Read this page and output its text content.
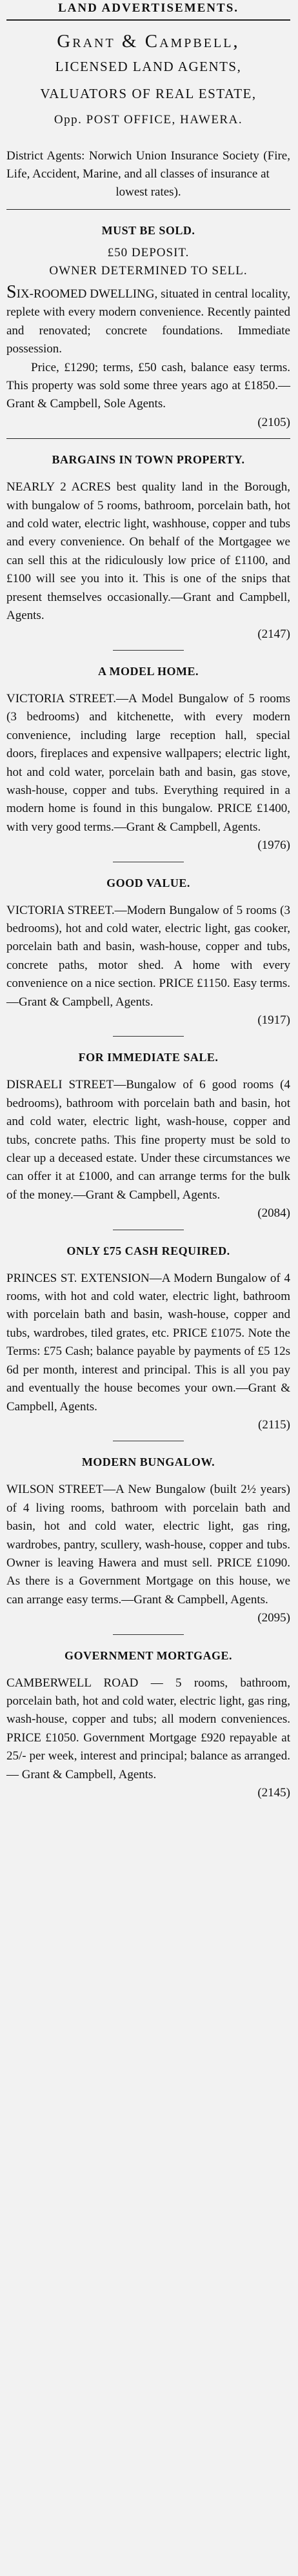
LAND ADVERTISEMENTS.
Grant & Campbell,
LICENSED LAND AGENTS,
VALUATORS OF REAL ESTATE,
Opp. POST OFFICE, HAWERA.
District Agents: Norwich Union Insurance Society (Fire, Life, Accident, Marine, and all classes of insurance at
lowest rates).
MUST BE SOLD.
£50 DEPOSIT.
OWNER DETERMINED TO SELL.

SIX-ROOMED DWELLING, situated in central locality, replete with every modern convenience. Recently painted and renovated; concrete foundations. Immediate possession.

Price, £1290; terms, £50 cash, balance easy terms. This property was sold some three years ago at £1850.—Grant & Campbell, Sole Agents.

(2105)
BARGAINS IN TOWN PROPERTY.

NEARLY 2 ACRES best quality land in the Borough, with bungalow of 5 rooms, bathroom, porcelain bath, hot and cold water, electric light, washhouse, copper and tubs and every convenience. On behalf of the Mortgagee we can sell this at the ridiculously low price of £1100, and £100 will see you into it. This is one of the snips that present themselves occasionally.—Grant and Campbell, Agents.

(2147)
A MODEL HOME.

VICTORIA STREET.—A Model Bungalow of 5 rooms (3 bedrooms) and kitchenette, with every modern convenience, including large reception hall, special doors, fireplaces and expensive wallpapers; electric light, hot and cold water, porcelain bath and basin, gas stove, wash-house, copper and tubs. Everything required in a modern home is found in this bungalow. PRICE £1400, with very good terms.—Grant & Campbell, Agents.

(1976)
GOOD VALUE.

VICTORIA STREET.—Modern Bungalow of 5 rooms (3 bedrooms), hot and cold water, electric light, gas cooker, porcelain bath and basin, wash-house, copper and tubs, concrete paths, motor shed. A home with every convenience on a nice section. PRICE £1150. Easy terms.—Grant & Campbell, Agents.

(1917)
FOR IMMEDIATE SALE.

DISRAELI STREET—Bungalow of 6 good rooms (4 bedrooms), bathroom with porcelain bath and basin, hot and cold water, electric light, wash-house, copper and tubs, concrete paths. This fine property must be sold to clear up a deceased estate. Under these circumstances we can offer it at £1000, and can arrange terms for the bulk of the money.—Grant & Campbell, Agents.

(2084)
ONLY £75 CASH REQUIRED.

PRINCES ST. EXTENSION—A Modern Bungalow of 4 rooms, with hot and cold water, electric light, bathroom with porcelain bath and basin, wash-house, copper and tubs, wardrobes, tiled grates, etc. PRICE £1075. Note the Terms: £75 Cash; balance payable by payments of £5 12s 6d per month, interest and principal. This is all you pay and eventually the house becomes your own.—Grant & Campbell, Agents.

(2115)
MODERN BUNGALOW.

WILSON STREET—A New Bungalow (built 2½ years) of 4 living rooms, bathroom with porcelain bath and basin, hot and cold water, electric light, gas ring, wardrobes, pantry, scullery, wash-house, copper and tubs. Owner is leaving Hawera and must sell. PRICE £1090. As there is a Government Mortgage on this house, we can arrange easy terms.—Grant & Campbell, Agents.

(2095)
GOVERNMENT MORTGAGE.

CAMBERWELL ROAD — 5 rooms, bathroom, porcelain bath, hot and cold water, electric light, gas ring, wash-house, copper and tubs; all modern conveniences. PRICE £1050. Government Mortgage £920 repayable at 25/- per week, interest and principal; balance as arranged. — Grant & Campbell, Agents.

(2145)
